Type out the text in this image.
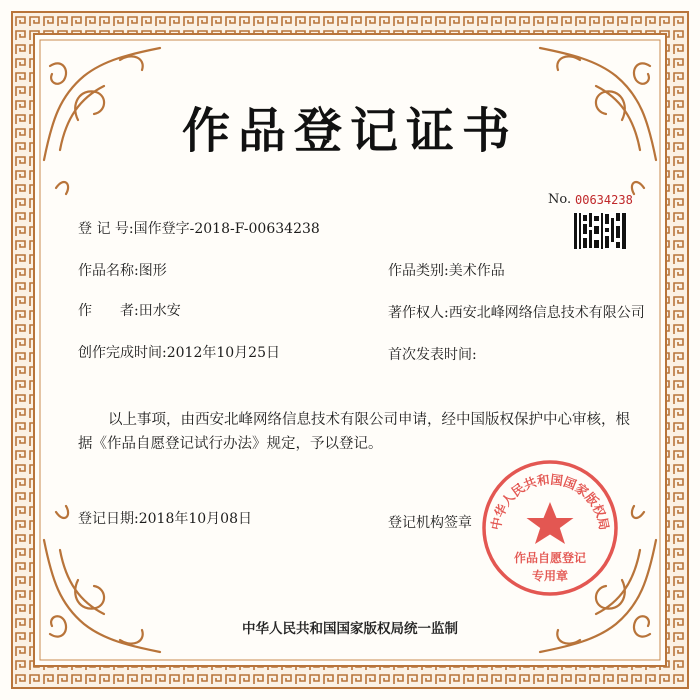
作品登记证书
No. 00634238
登 记 号:国作登字-2018-F-00634238
作品名称:图形	作品类别:美术作品
作　　者:田水安	著作权人:西安北峰网络信息技术有限公司
创作完成时间:2012年10月25日	首次发表时间:
以上事项，由西安北峰网络信息技术有限公司申请，经中国版权保护中心审核，根据《作品自愿登记试行办法》规定，予以登记。
登记日期:2018年10月08日	登记机构签章 中华人民共和国国家版权局
作品自愿登记
专用章
中华人民共和国国家版权局统一监制
